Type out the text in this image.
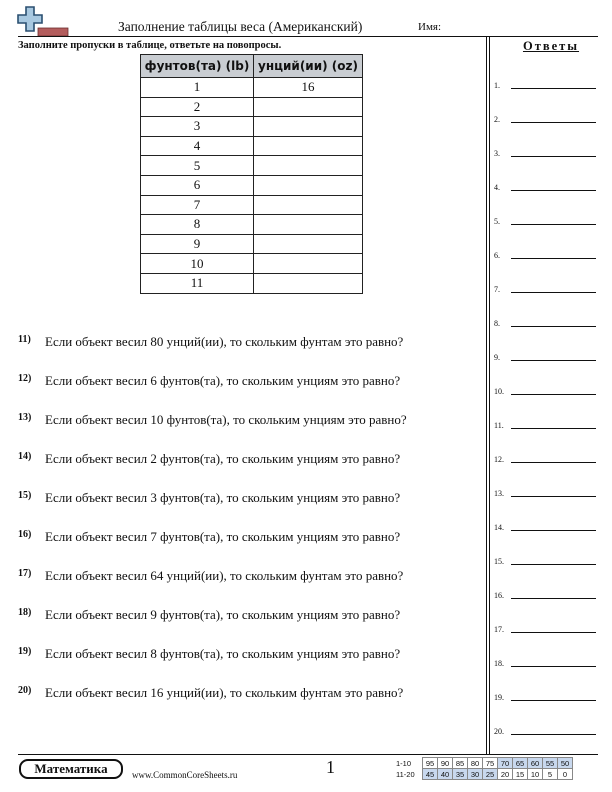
Заполнение таблицы веса (Американский)	Имя:
Заполните пропуски в таблице, ответьте на повопросы.
фунтов(та) (lb)	унций(ии) (oz)
1	16
2	
3	
4	
5	
6	
7	
8	
9	
10	
11	
11) Если объект весил 80 унций(ии), то скольким фунтам это равно?
12) Если объект весил 6 фунтов(та), то скольким унциям это равно?
13) Если объект весил 10 фунтов(та), то скольким унциям это равно?
14) Если объект весил 2 фунтов(та), то скольким унциям это равно?
15) Если объект весил 3 фунтов(та), то скольким унциям это равно?
16) Если объект весил 7 фунтов(та), то скольким унциям это равно?
17) Если объект весил 64 унций(ии), то скольким фунтам это равно?
18) Если объект весил 9 фунтов(та), то скольким унциям это равно?
19) Если объект весил 8 фунтов(та), то скольким унциям это равно?
20) Если объект весил 16 унций(ии), то скольким фунтам это равно?
Ответы
1.
2.
3.
4.
5.
6.
7.
8.
9.
10.
11.
12.
13.
14.
15.
16.
17.
18.
19.
20.
Математика	www.CommonCoreSheets.ru	1	1-10	95	90	85	80	75	70	65	60	55	50
11-20	45	40	35	30	25	20	15	10	5	0
